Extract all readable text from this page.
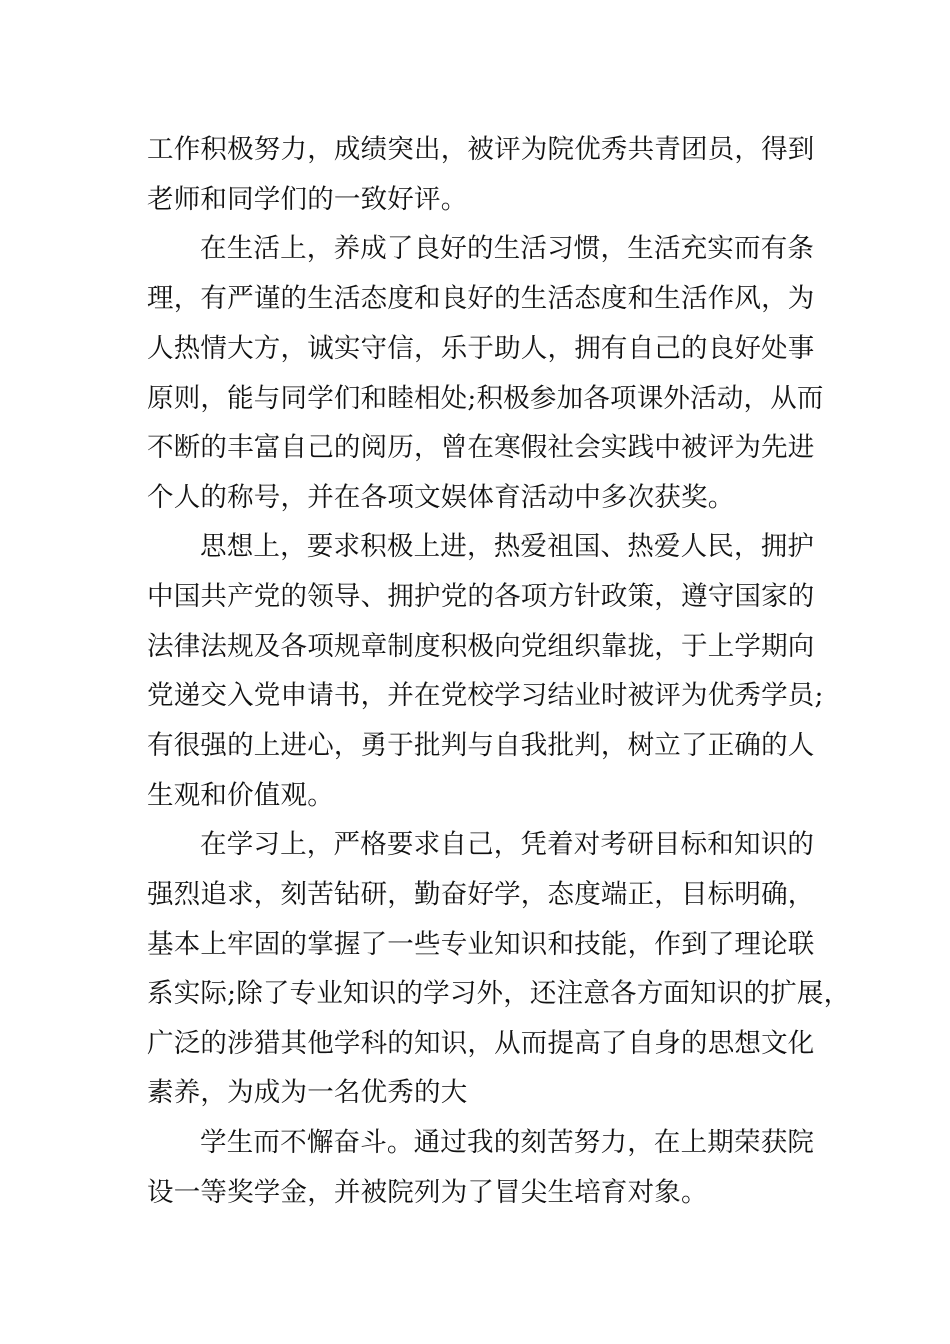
工作积极努力，成绩突出，被评为院优秀共青团员，得到
老师和同学们的一致好评。
在生活上，养成了良好的生活习惯，生活充实而有条
理，有严谨的生活态度和良好的生活态度和生活作风，为
人热情大方，诚实守信，乐于助人，拥有自己的良好处事
原则，能与同学们和睦相处;积极参加各项课外活动，从而
不断的丰富自己的阅历，曾在寒假社会实践中被评为先进
个人的称号，并在各项文娱体育活动中多次获奖。
思想上，要求积极上进，热爱祖国、热爱人民，拥护
中国共产党的领导、拥护党的各项方针政策，遵守国家的
法律法规及各项规章制度积极向党组织靠拢，于上学期向
党递交入党申请书，并在党校学习结业时被评为优秀学员;
有很强的上进心，勇于批判与自我批判，树立了正确的人
生观和价值观。
在学习上，严格要求自己，凭着对考研目标和知识的
强烈追求，刻苦钻研，勤奋好学，态度端正，目标明确，
基本上牢固的掌握了一些专业知识和技能，作到了理论联
系实际;除了专业知识的学习外，还注意各方面知识的扩展，
广泛的涉猎其他学科的知识，从而提高了自身的思想文化
素养，为成为一名优秀的大
学生而不懈奋斗。通过我的刻苦努力，在上期荣获院
设一等奖学金，并被院列为了冒尖生培育对象。
